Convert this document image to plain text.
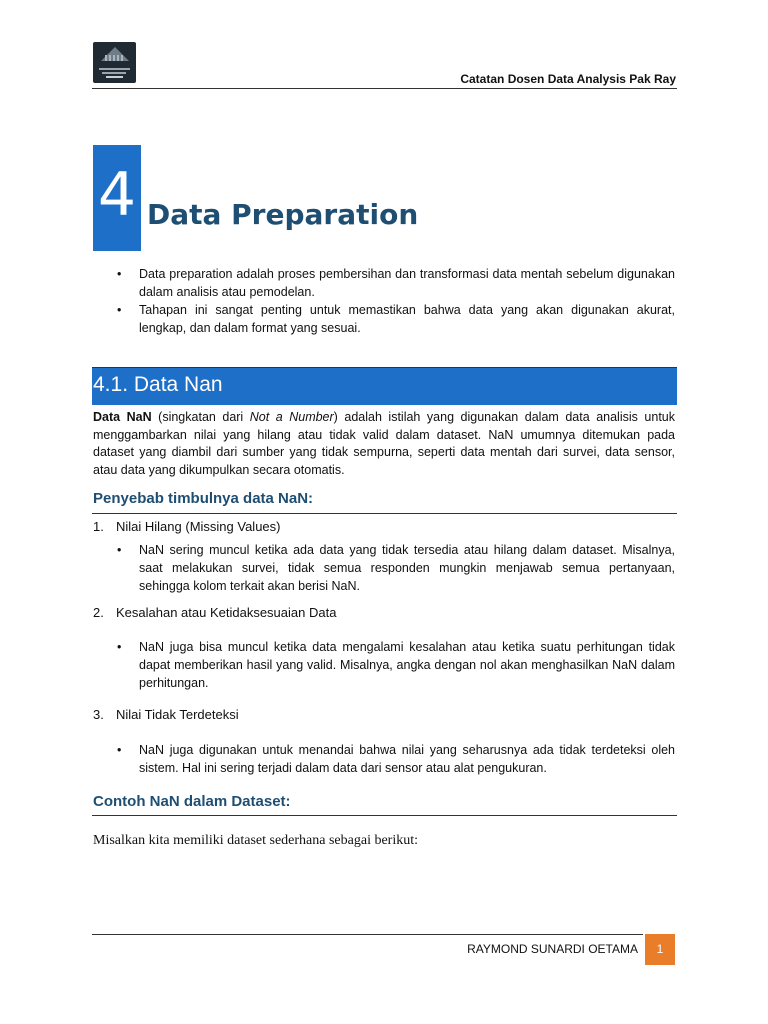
Catatan Dosen Data Analysis Pak Ray
4 Data Preparation
• Data preparation adalah proses pembersihan dan transformasi data mentah sebelum digunakan dalam analisis atau pemodelan.
• Tahapan ini sangat penting untuk memastikan bahwa data yang akan digunakan akurat, lengkap, dan dalam format yang sesuai.
4.1. Data Nan

Data NaN (singkatan dari Not a Number) adalah istilah yang digunakan dalam data analisis untuk menggambarkan nilai yang hilang atau tidak valid dalam dataset. NaN umumnya ditemukan pada dataset yang diambil dari sumber yang tidak sempurna, seperti data mentah dari survei, data sensor, atau data yang dikumpulkan secara otomatis.

Penyebab timbulnya data NaN:
1. Nilai Hilang (Missing Values)
• NaN sering muncul ketika ada data yang tidak tersedia atau hilang dalam dataset. Misalnya, saat melakukan survei, tidak semua responden mungkin menjawab semua pertanyaan, sehingga kolom terkait akan berisi NaN.
2. Kesalahan atau Ketidaksesuaian Data
• NaN juga bisa muncul ketika data mengalami kesalahan atau ketika suatu perhitungan tidak dapat memberikan hasil yang valid. Misalnya, angka dengan nol akan menghasilkan NaN dalam perhitungan.
3. Nilai Tidak Terdeteksi
• NaN juga digunakan untuk menandai bahwa nilai yang seharusnya ada tidak terdeteksi oleh sistem. Hal ini sering terjadi dalam data dari sensor atau alat pengukuran.
Contoh NaN dalam Dataset:
Misalkan kita memiliki dataset sederhana sebagai berikut:
RAYMOND SUNARDI OETAMA	1
